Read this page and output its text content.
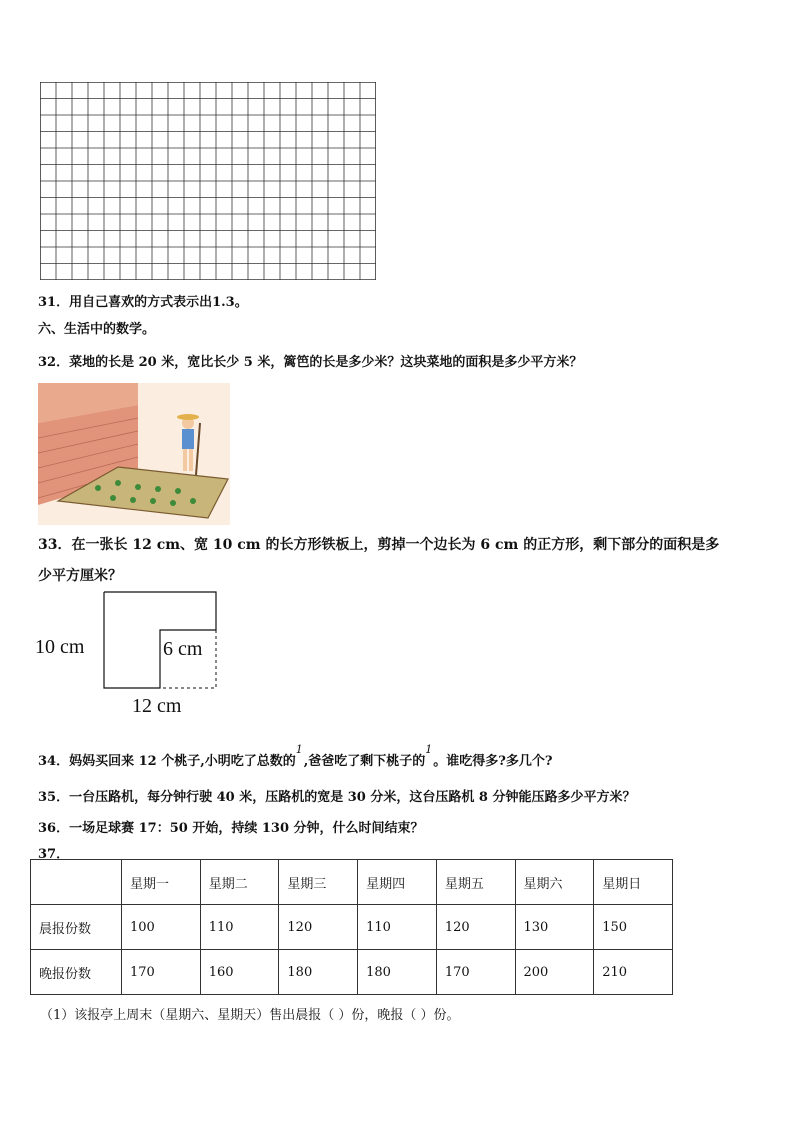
31．用自己喜欢的方式表示出1.3。
六、生活中的数学。
32．菜地的长是 20 米，宽比长少 5 米，篱笆的长是多少米？这块菜地的面积是多少平方米？
33．在一张长 12 cm、宽 10 cm 的长方形铁板上，剪掉一个边长为 6 cm 的正方形，剩下部分的面积是多
少平方厘米？
10 cm	6 cm
12 cm
34．妈妈买回来 12 个桃子,小明吃了总数的
1
,爸爸吃了剩下桃子的
1
。谁吃得多?多几个?
35．一台压路机，每分钟行驶 40 米，压路机的宽是 30 分米，这台压路机 8 分钟能压路多少平方米？
36．一场足球赛 17：50 开始，持续 130 分钟，什么时间结束？
37．
	星期一	星期二	星期三	星期四	星期五	星期六	星期日
晨报份数	100	110	120	110	120	130	150
晚报份数	170	160	180	180	170	200	210
（1）该报亭上周末（星期六、星期天）售出晨报（ ）份，晚报（ ）份。
